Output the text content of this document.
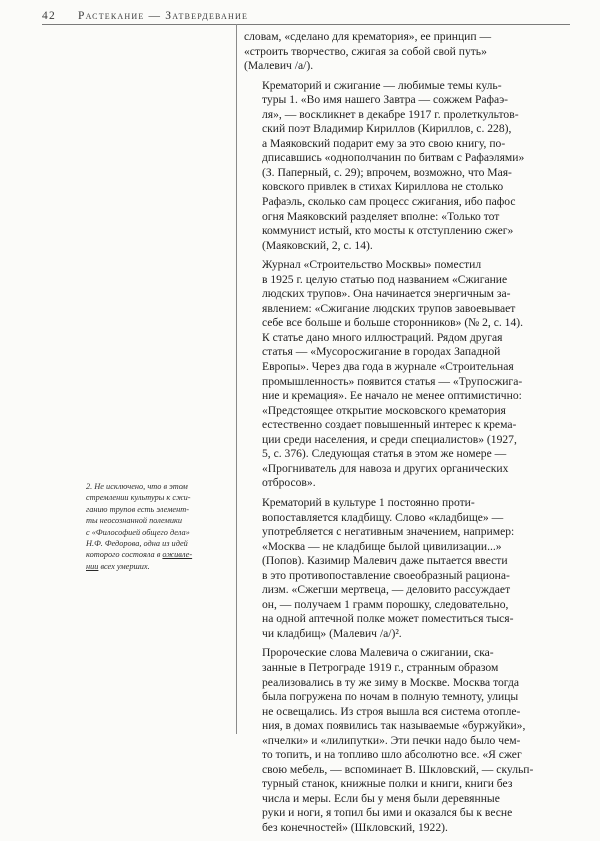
42 Растекание — Затвердевание

словам, «сделано для крематория», ее принцип —
«строить творчество, сжигая за собой свой путь»
(Малевич /а/).

Крематорий и сжигание — любимые темы куль-
туры 1. «Во имя нашего Завтра — сожжем Рафаэ-
ля», — воскликнет в декабре 1917 г. пролеткультов-
ский поэт Владимир Кириллов (Кириллов, с. 228),
а Маяковский подарит ему за это свою книгу, по-
дписавшись «однополчанин по битвам с Рафаэлями»
(З. Паперный, с. 29); впрочем, возможно, что Мая-
ковского привлек в стихах Кириллова не столько
Рафаэль, сколько сам процесс сжигания, ибо пафос
огня Маяковский разделяет вполне: «Только тот
коммунист истый, кто мосты к отступлению сжег»
(Маяковский, 2, с. 14).

Журнал «Строительство Москвы» поместил
в 1925 г. целую статью под названием «Сжигание
людских трупов». Она начинается энергичным за-
явлением: «Сжигание людских трупов завоевывает
себе все больше и больше сторонников» (№ 2, с. 14).
К статье дано много иллюстраций. Рядом другая
статья — «Мусоросжигание в городах Западной
Европы». Через два года в журнале «Строительная
промышленность» появится статья — «Трупосжига-
ние и кремация». Ее начало не менее оптимистично:
«Предстоящее открытие московского крематория
естественно создает повышенный интерес к крема-
ции среди населения, и среди специалистов» (1927,
5, с. 376). Следующая статья в этом же номере —
«Прогниватель для навоза и других органических
отбросов».

Крематорий в культуре 1 постоянно проти-
вопоставляется кладбищу. Слово «кладбище» —
употребляется с негативным значением, например:
«Москва — не кладбище былой цивилизации...»
(Попов). Казимир Малевич даже пытается ввести
в это противопоставление своеобразный рациона-
лизм. «Сжегши мертвеца, — деловито рассуждает
он, — получаем 1 грамм порошку, следовательно,
на одной аптечной полке может поместиться тыся-
чи кладбищ» (Малевич /а/)².

Пророческие слова Малевича о сжигании, ска-
занные в Петрограде 1919 г., странным образом
реализовались в ту же зиму в Москве. Москва тогда
была погружена по ночам в полную темноту, улицы
не освещались. Из строя вышла вся система отопле-
ния, в домах появились так называемые «буржуйки»,
«пчелки» и «лилипутки». Эти печки надо было чем-
то топить, и на топливо шло абсолютно все. «Я сжег
свою мебель, — вспоминает В. Шкловский, — скульп-
турный станок, книжные полки и книги, книги без
числа и меры. Если бы у меня были деревянные
руки и ноги, я топил бы ими и оказался бы к весне
без конечностей» (Шкловский, 1922).

2. Не исключено, что в этом
стремлении культуры к сжи-
ганию трупов есть элемент-
ты неосознанной полемики
с «Философией общего дела»
Н.Ф. Федорова, одна из идей
которого состояла в оживле-
нии всех умерших.
